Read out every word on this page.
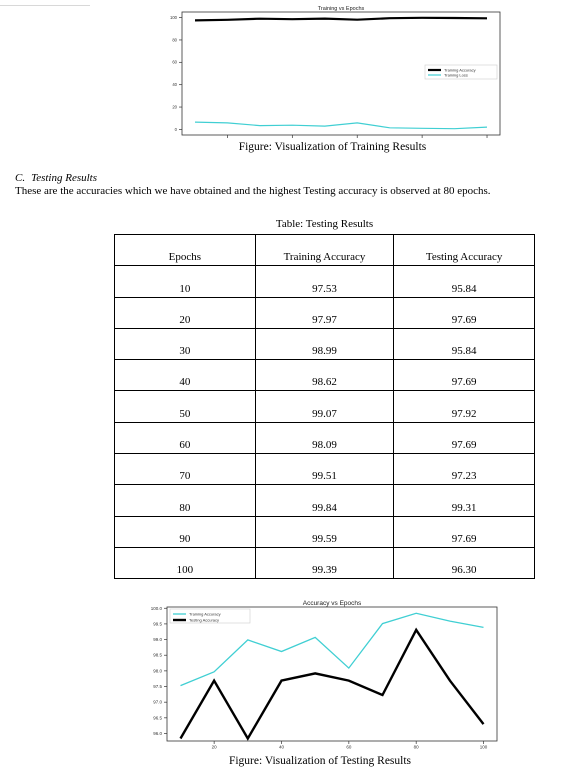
Training vs Epochs
0
20
40
60
80
100
Training Accuracy
Training Loss
Figure: Visualization of Training Results
C. Testing Results
These are the accuracies which we have obtained and the highest Testing accuracy is observed at 80 epochs.
Table: Testing Results
Epochs	Training Accuracy	Testing Accuracy
10	97.53	95.84
20	97.97	97.69
30	98.99	95.84
40	98.62	97.69
50	99.07	97.92
60	98.09	97.69
70	99.51	97.23
80	99.84	99.31
90	99.59	97.69
100	99.39	96.30
Accuracy vs Epochs
20	40	60	80	100
96.0
96.5
97.0
97.5
98.0
98.5
99.0
99.5
100.0
Training Accuracy
Testing Accuracy
Figure: Visualization of Testing Results
